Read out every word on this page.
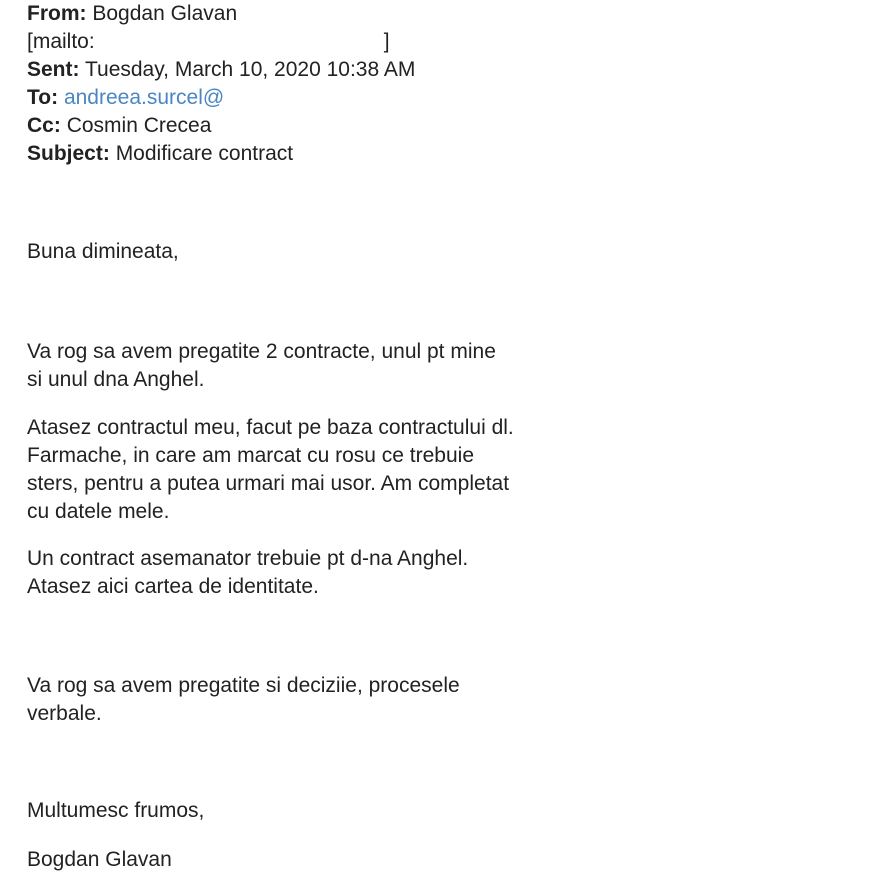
From: Bogdan Glavan
[mailto:	]
Sent: Tuesday, March 10, 2020 10:38 AM
To: andreea.surcel@
Cc: Cosmin Crecea
Subject: Modificare contract
Buna dimineata,
Va rog sa avem pregatite 2 contracte, unul pt mine
si unul dna Anghel.
Atasez contractul meu, facut pe baza contractului dl.
Farmache, in care am marcat cu rosu ce trebuie
sters, pentru a putea urmari mai usor. Am completat
cu datele mele.
Un contract asemanator trebuie pt d-na Anghel.
Atasez aici cartea de identitate.
Va rog sa avem pregatite si deciziie, procesele
verbale.
Multumesc frumos,
Bogdan Glavan
